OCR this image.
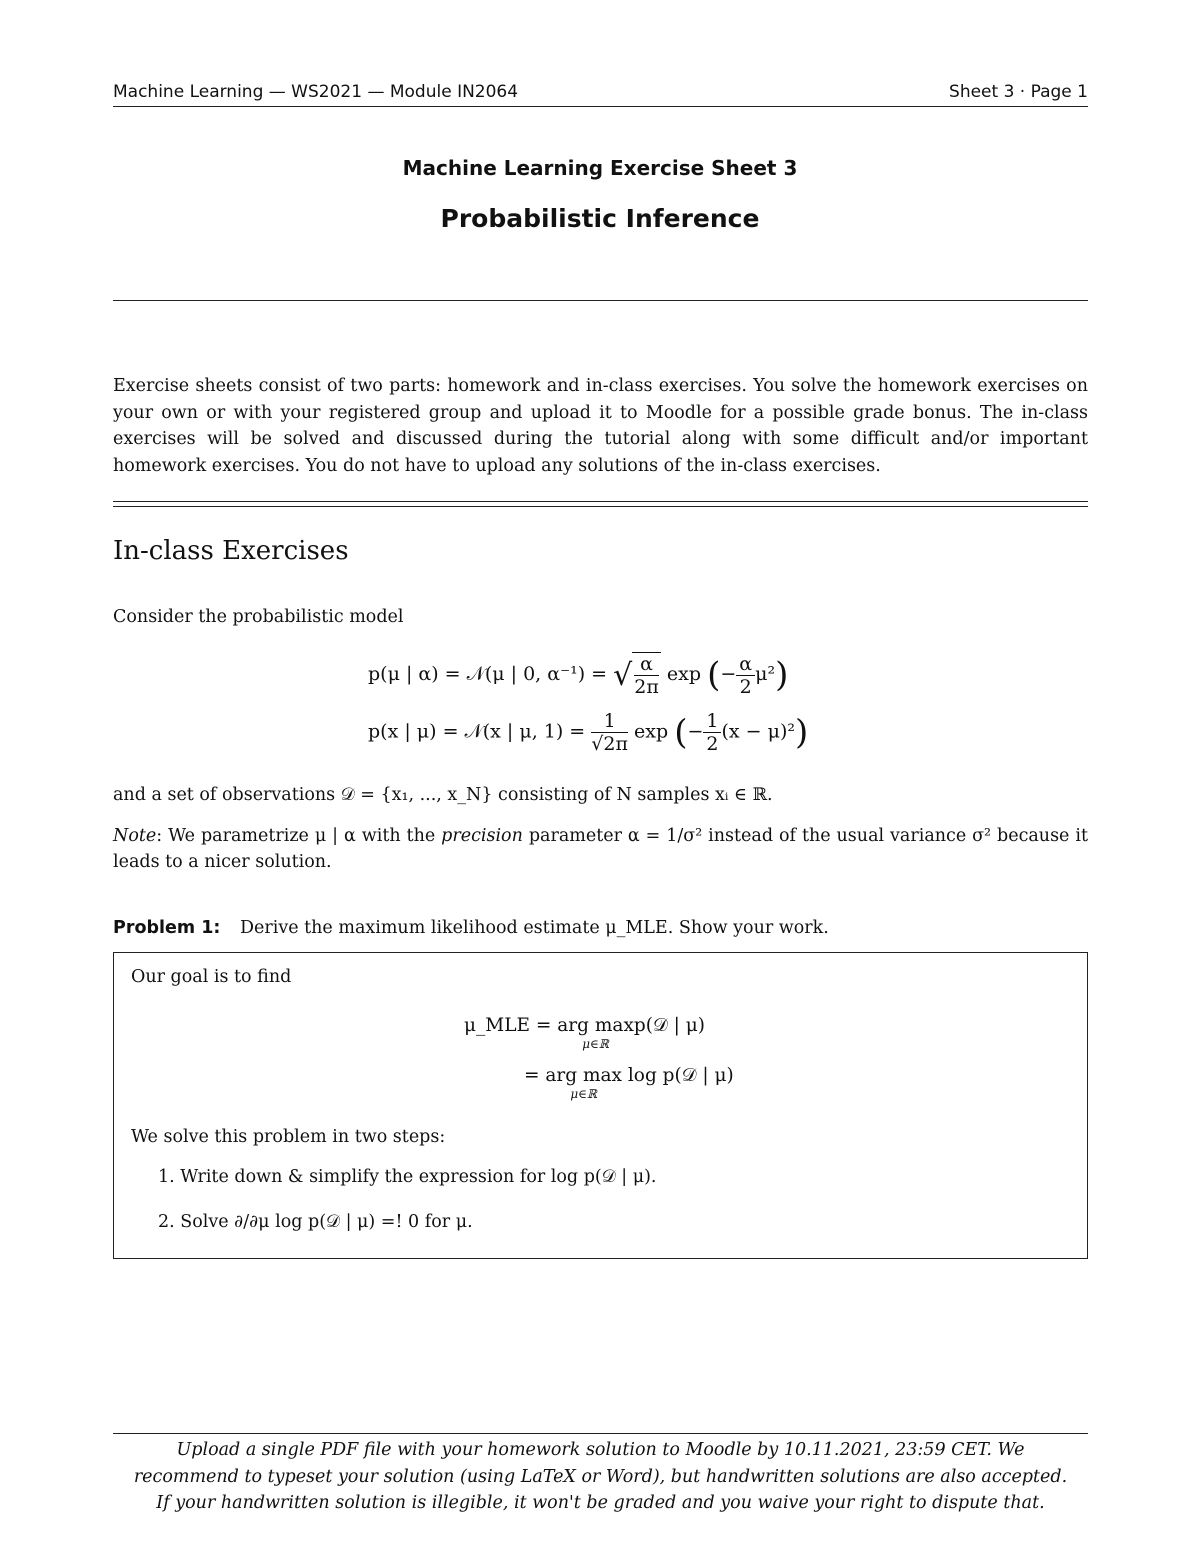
Machine Learning — WS2021 — Module IN2064	Sheet 3 · Page 1
Machine Learning Exercise Sheet 3
Probabilistic Inference
Exercise sheets consist of two parts: homework and in-class exercises. You solve the homework exercises on your own or with your registered group and upload it to Moodle for a possible grade bonus. The in-class exercises will be solved and discussed during the tutorial along with some difficult and/or important homework exercises. You do not have to upload any solutions of the in-class exercises.
In-class Exercises
Consider the probabilistic model
p(μ | α) = 𝒩(μ | 0, α⁻¹) = √ $\frac{\alpha}{2\pi}$ exp (− $\frac{\alpha}{2} \mu^2$)
p(x | μ) = 𝒩(x | μ, $1) = \frac{1}{√2\pi}$ exp (− $\frac{1}{2} (x - \mu)^2$)
and a set of observations 𝒟 = {x₁, ..., x_N} consisting of N samples xᵢ ∈ ℝ.
Note: We parametrize μ | α with the precision parameter α = 1/σ² instead of the usual variance σ² because it leads to a nicer solution.
Problem 1: Derive the maximum likelihood estimate μ_MLE. Show your work.
Our goal is to find
μ_MLE = arg max
μ∈ℝ
p(𝒟 | μ)
= arg max
μ∈ℝ
log p(𝒟 | μ)
We solve this problem in two steps:
1. Write down & simplify the expression for log p(𝒟 | μ).
2. Solve ∂/∂μ log p(𝒟 | μ) =! 0 for μ.
Upload a single PDF file with your homework solution to Moodle by 10.11.2021, 23:59 CET. We
recommend to typeset your solution (using LaTeX or Word), but handwritten solutions are also accepted.
If your handwritten solution is illegible, it won't be graded and you waive your right to dispute that.
